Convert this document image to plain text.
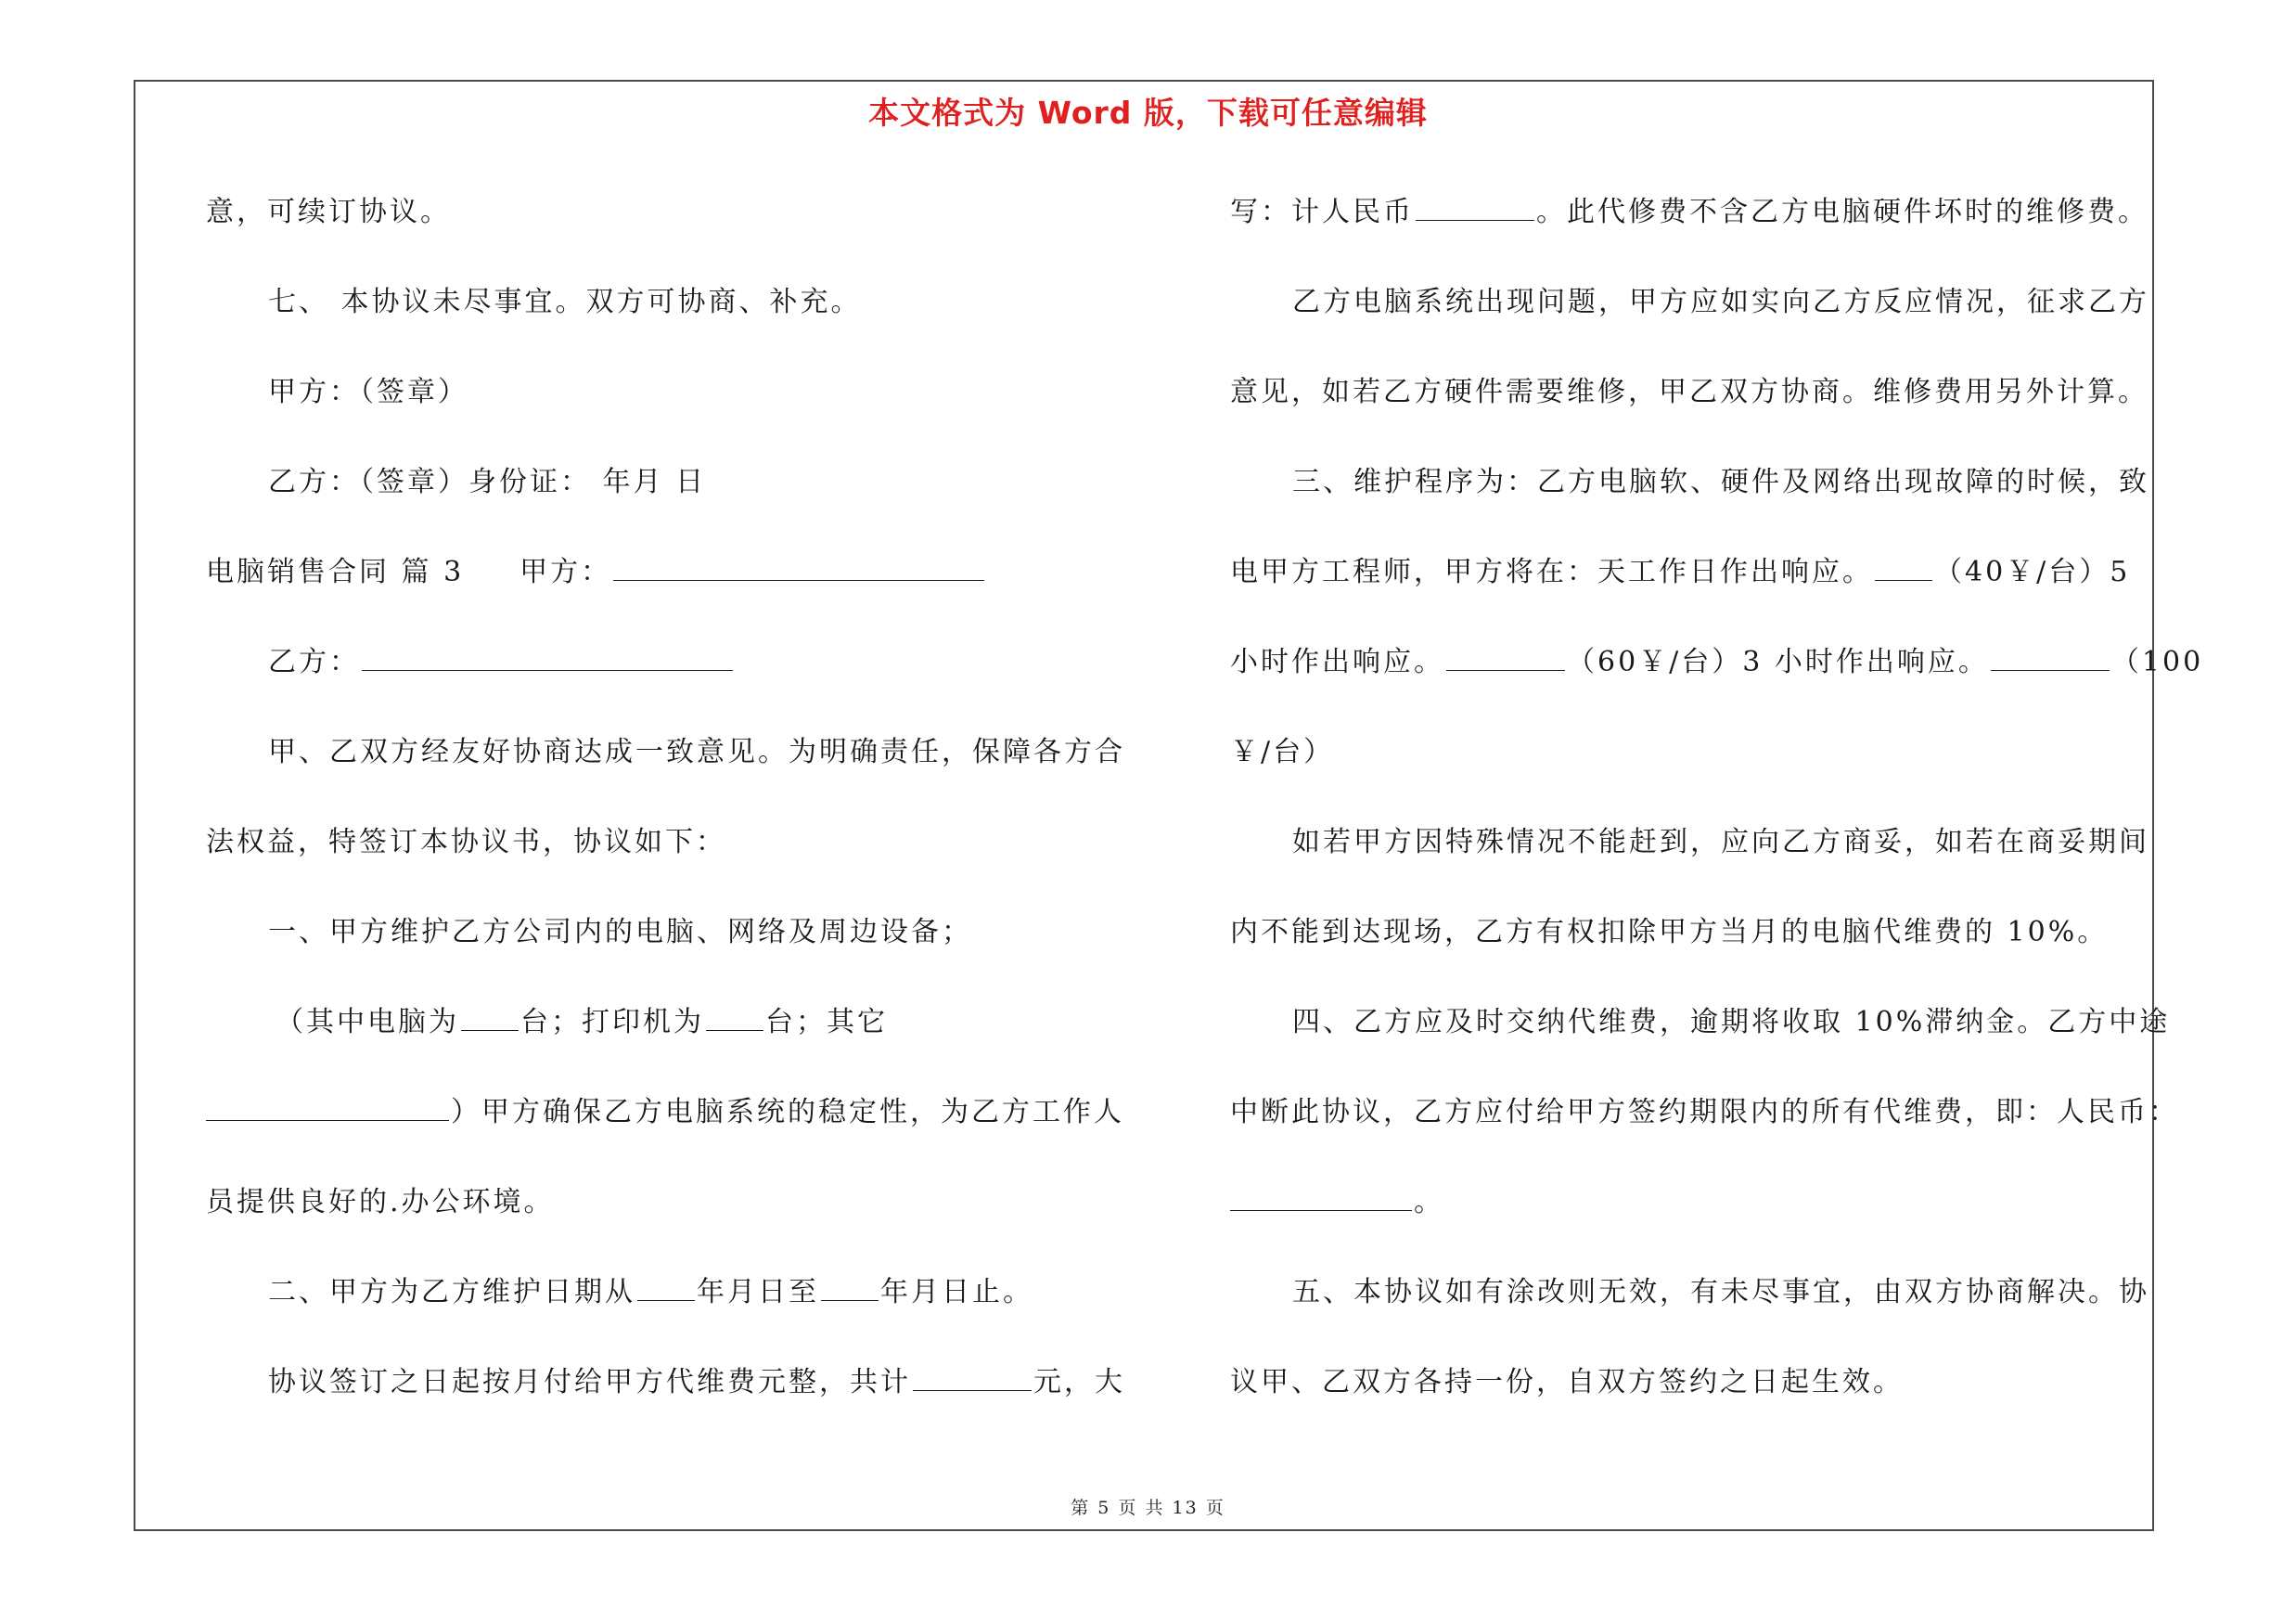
本文格式为 Word 版，下载可任意编辑
意，可续订协议。
七、 本协议未尽事宜。双方可协商、补充。
甲方：（签章）
乙方：（签章）身份证： 年月 日
电脑销售合同 篇 3 甲方：
乙方：
甲、乙双方经友好协商达成一致意见。为明确责任，保障各方合
法权益，特签订本协议书，协议如下：
一、甲方维护乙方公司内的电脑、网络及周边设备；
（其中电脑为 台；打印机为 台；其它
）甲方确保乙方电脑系统的稳定性，为乙方工作人
员提供良好的.办公环境。
二、甲方为乙方维护日期从 年月日至 年月日止。
协议签订之日起按月付给甲方代维费元整，共计	元，大
写：计人民币	。此代修费不含乙方电脑硬件坏时的维修费。
乙方电脑系统出现问题，甲方应如实向乙方反应情况，征求乙方
意见，如若乙方硬件需要维修，甲乙双方协商。维修费用另外计算。
三、维护程序为：乙方电脑软、硬件及网络出现故障的时候，致
电甲方工程师，甲方将在：天工作日作出响应。 （40￥/台）5
小时作出响应。	（60￥/台）3 小时作出响应。	（100
￥/台）
如若甲方因特殊情况不能赶到，应向乙方商妥，如若在商妥期间
内不能到达现场，乙方有权扣除甲方当月的电脑代维费的 10%。
四、乙方应及时交纳代维费，逾期将收取 10%滞纳金。乙方中途
中断此协议，乙方应付给甲方签约期限内的所有代维费，即：人民币：
。
五、本协议如有涂改则无效，有未尽事宜，由双方协商解决。协
议甲、乙双方各持一份，自双方签约之日起生效。
第 5 页 共 13 页
